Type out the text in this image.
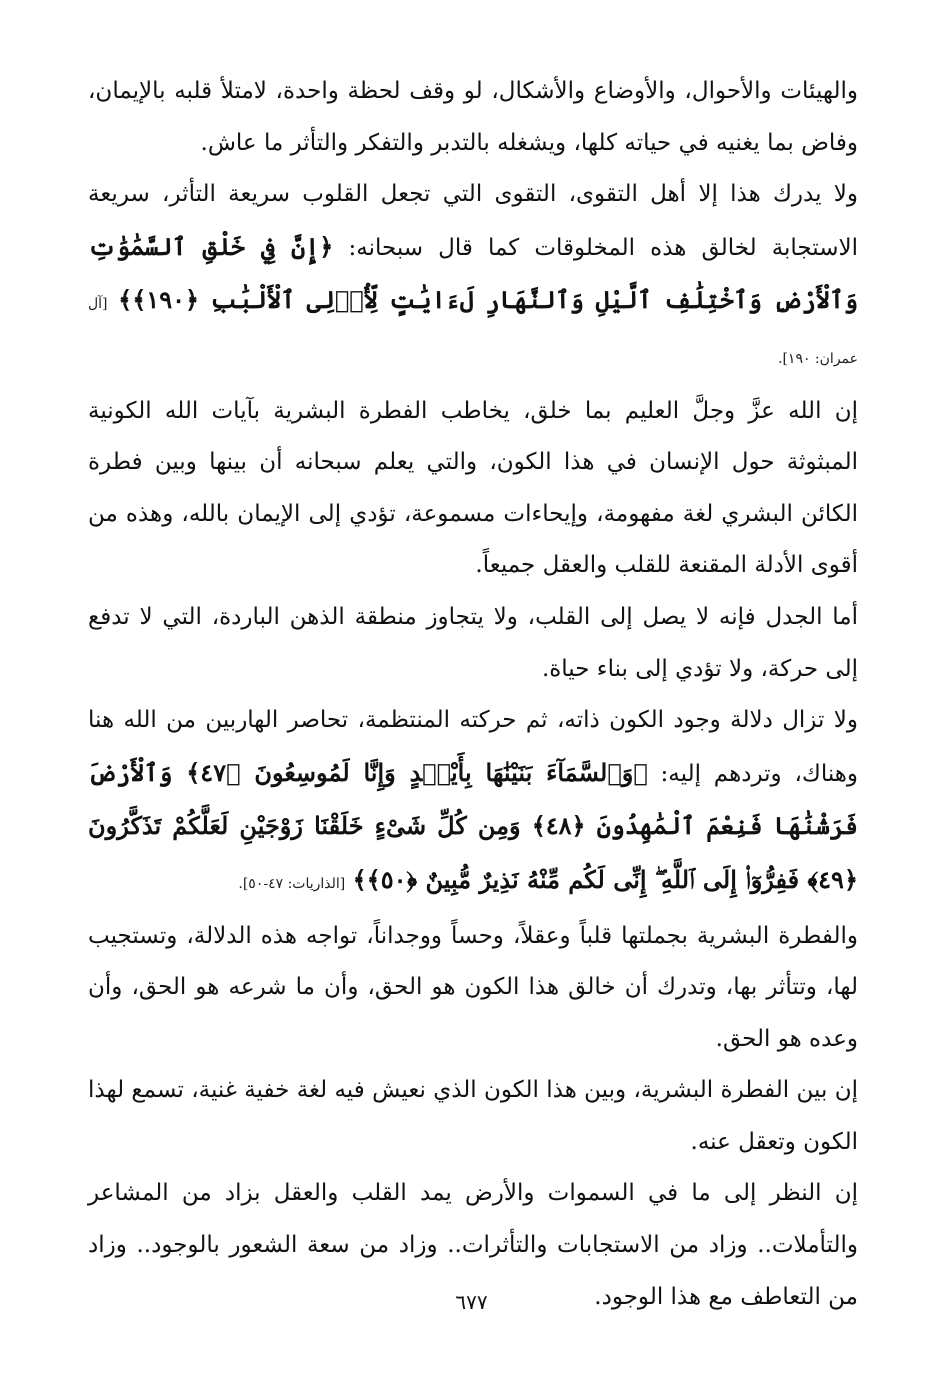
والهيئات والأحوال، والأوضاع والأشكال، لو وقف لحظة واحدة، لامتلأ قلبه بالإيمان، وفاض بما يغنيه في حياته كلها، ويشغله بالتدبر والتفكر والتأثر ما عاش.

ولا يدرك هذا إلا أهل التقوى، التقوى التي تجعل القلوب سريعة التأثر، سريعة الاستجابة لخالق هذه المخلوقات كما قال سبحانه: ﴿إِنَّ فِي خَلْقِ ٱلسَّمَٰوَٰتِ وَٱلْأَرْضِ وَٱخْتِلَٰفِ ٱلَّيْلِ وَٱلنَّهَارِ لَءَايَٰتٍ لِّأُو۟لِى ٱلْأَلْبَٰبِ ﴿١٩٠﴾﴾ [آل عمران: ١٩٠].

إن الله عزَّ وجلَّ العليم بما خلق، يخاطب الفطرة البشرية بآيات الله الكونية المبثوثة حول الإنسان في هذا الكون، والتي يعلم سبحانه أن بينها وبين فطرة الكائن البشري لغة مفهومة، وإيحاءات مسموعة، تؤدي إلى الإيمان بالله، وهذه من أقوى الأدلة المقنعة للقلب والعقل جميعاً.

أما الجدل فإنه لا يصل إلى القلب، ولا يتجاوز منطقة الذهن الباردة، التي لا تدفع إلى حركة، ولا تؤدي إلى بناء حياة.

ولا تزال دلالة وجود الكون ذاته، ثم حركته المنتظمة، تحاصر الهاربين من الله هنا وهناك، وتردهم إليه: ﴿وَٱلسَّمَآءَ بَنَيْنَٰهَا بِأَيْي۟دٍ وَإِنَّا لَمُوسِعُونَ ﴿٤٧﴾ وَٱلْأَرْضَ فَرَشْنَٰهَا فَنِعْمَ ٱلْمَٰهِدُونَ ﴿٤٨﴾ وَمِن كُلِّ شَىْءٍ خَلَقْنَا زَوْجَيْنِ لَعَلَّكُمْ تَذَكَّرُونَ ﴿٤٩﴾ فَفِرُّوٓا۟ إِلَى ٱللَّهِ ۖ إِنِّى لَكُم مِّنْهُ نَذِيرٌ مُّبِينٌ ﴿٥٠﴾﴾ [الذاريات: ٤٧-٥٠].

والفطرة البشرية بجملتها قلباً وعقلاً، وحساً ووجداناً، تواجه هذه الدلالة، وتستجيب لها، وتتأثر بها، وتدرك أن خالق هذا الكون هو الحق، وأن ما شرعه هو الحق، وأن وعده هو الحق.

إن بين الفطرة البشرية، وبين هذا الكون الذي نعيش فيه لغة خفية غنية، تسمع لهذا الكون وتعقل عنه.

إن النظر إلى ما في السموات والأرض يمد القلب والعقل بزاد من المشاعر والتأملات.. وزاد من الاستجابات والتأثرات.. وزاد من سعة الشعور بالوجود.. وزاد من التعاطف مع هذا الوجود.

٦٧٧
